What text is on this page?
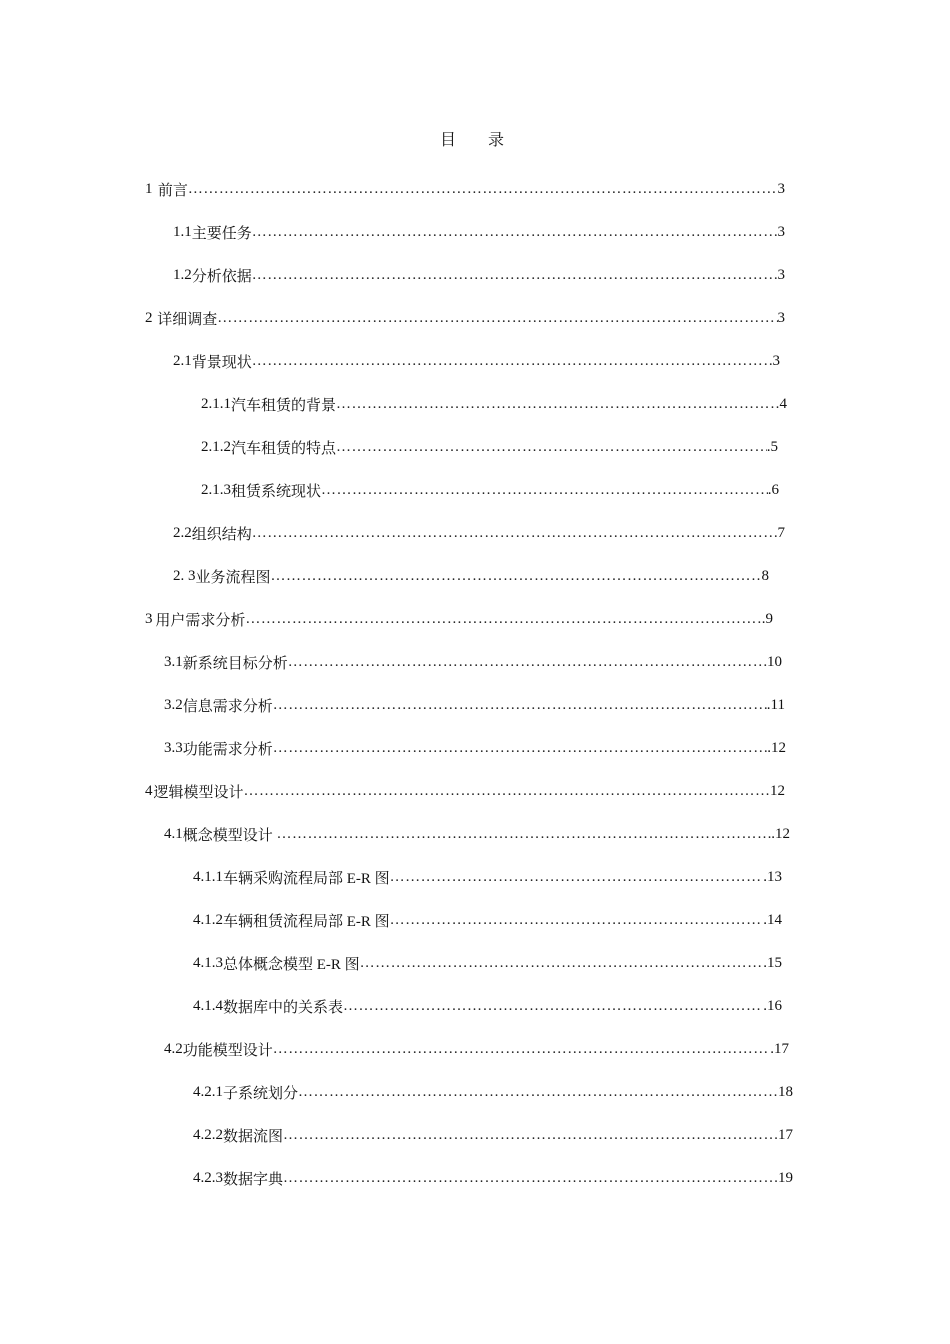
目 录
1 前言 ……………………………………………………………………………………………………………………………………………………………………………………………………………………	3
1.1 主要任务 ……………………………………………………………………………………………………………………………………………………………………………………………………………………	3
1.2 分析依据 ……………………………………………………………………………………………………………………………………………………………………………………………………………………	3
2 详细调查 ……………………………………………………………………………………………………………………………………………………………………………………………………………………	3
2.1 背景现状 ……………………………………………………………………………………………………………………………………………………………………………………………………………………	3
2.1.1 汽车租赁的背景 ……………………………………………………………………………………………………………………………………………………………………………………………………………………	4
2.1.2 汽车租赁的特点 ……………………………………………………………………………………………………………………………………………………………………………………………………………………	.5
2.1.3 租赁系统现状 ……………………………………………………………………………………………………………………………………………………………………………………………………………………	.6
2.2 组织结构 ……………………………………………………………………………………………………………………………………………………………………………………………………………………	7
2. 3 业务流程图 ……………………………………………………………………………………………………………………………………………………………………………………………………………………	8
3 用户需求分析 ……………………………………………………………………………………………………………………………………………………………………………………………………………………	.9
3.1 新系统目标分析 ……………………………………………………………………………………………………………………………………………………………………………………………………………………	10
3.2 信息需求分析 ……………………………………………………………………………………………………………………………………………………………………………………………………………………	.11
3.3 功能需求分析 ……………………………………………………………………………………………………………………………………………………………………………………………………………………	.12
4 逻辑模型设计 ……………………………………………………………………………………………………………………………………………………………………………………………………………………	12
4.1 概念模型设计 ……………………………………………………………………………………………………………………………………………………………………………………………………………………	.12
4.1.1 车辆采购流程局部 E-R 图 ……………………………………………………………………………………………………………………………………………………………………………………………………………………	.13
4.1.2 车辆租赁流程局部 E-R 图 ……………………………………………………………………………………………………………………………………………………………………………………………………………………	.14
4.1.3 总体概念模型 E-R 图 ……………………………………………………………………………………………………………………………………………………………………………………………………………………	.15
4.1.4 数据库中的关系表 ……………………………………………………………………………………………………………………………………………………………………………………………………………………	.16
4.2 功能模型设计 ……………………………………………………………………………………………………………………………………………………………………………………………………………………	.17
4.2.1 子系统划分 ……………………………………………………………………………………………………………………………………………………………………………………………………………………	18
4.2.2 数据流图 ……………………………………………………………………………………………………………………………………………………………………………………………………………………	17
4.2.3 数据字典 ……………………………………………………………………………………………………………………………………………………………………………………………………………………	19
